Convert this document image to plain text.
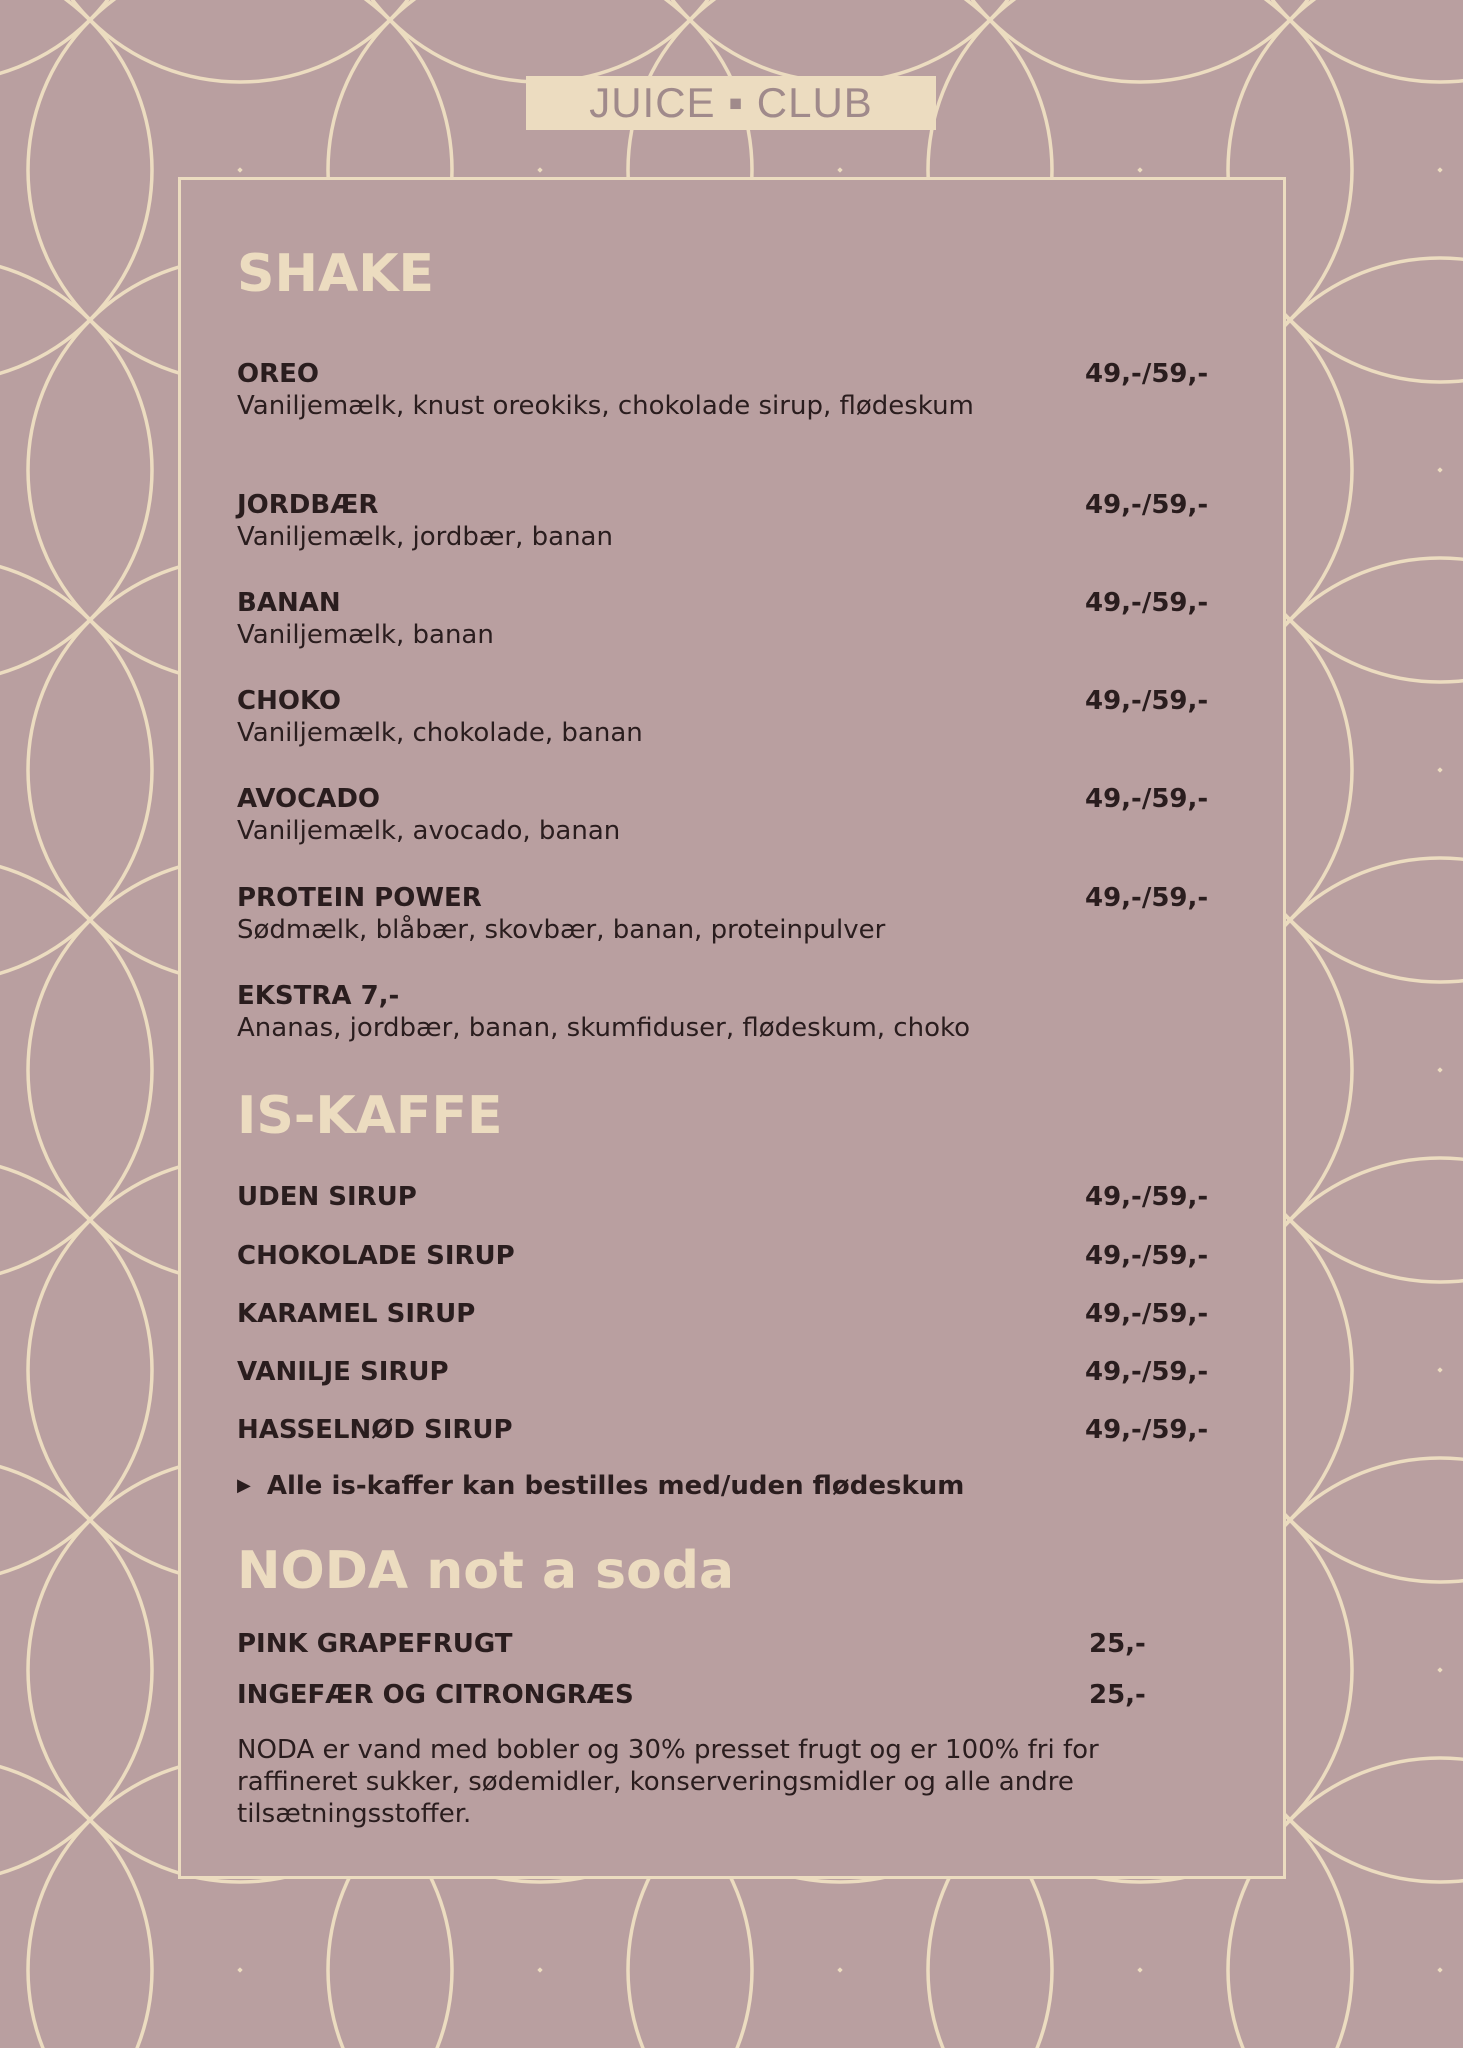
JUICE ▪ CLUB
SHAKE
OREO	49,-/59,-
Vaniljemælk, knust oreokiks, chokolade sirup, flødeskum
JORDBÆR	49,-/59,-
Vaniljemælk, jordbær, banan
BANAN	49,-/59,-
Vaniljemælk, banan
CHOKO	49,-/59,-
Vaniljemælk, chokolade, banan
AVOCADO	49,-/59,-
Vaniljemælk, avocado, banan
PROTEIN POWER	49,-/59,-
Sødmælk, blåbær, skovbær, banan, proteinpulver
EKSTRA 7,-
Ananas, jordbær, banan, skumfiduser, flødeskum, choko
IS-KAFFE
UDEN SIRUP	49,-/59,-
CHOKOLADE SIRUP	49,-/59,-
KARAMEL SIRUP	49,-/59,-
VANILJE SIRUP	49,-/59,-
HASSELNØD SIRUP	49,-/59,-
▶ Alle is-kaffer kan bestilles med/uden flødeskum
NODA not a soda
PINK GRAPEFRUGT	25,-
INGEFÆR OG CITRONGRÆS	25,-
NODA er vand med bobler og 30% presset frugt og er 100% fri for raffineret sukker, sødemidler, konserveringsmidler og alle andre tilsætningsstoffer.
